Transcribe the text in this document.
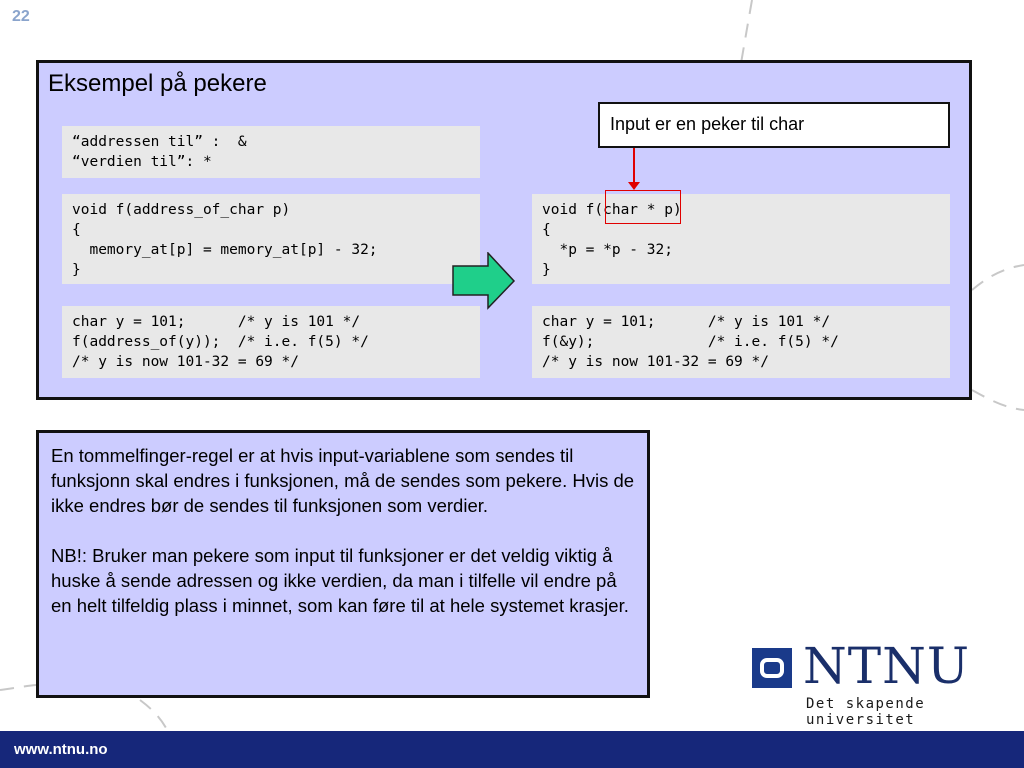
22
Eksempel på pekere
Input er en peker til char
“addressen til” :  &
“verdien til”: *
void f(address_of_char p)
{
memory_at[p] = memory_at[p] - 32;
}
void f(char * p)
{
*p = *p - 32;
}
char y = 101;      /* y is 101 */
f(address_of(y));  /* i.e. f(5) */
/* y is now 101-32 = 69 */
char y = 101;      /* y is 101 */
f(&y);             /* i.e. f(5) */
/* y is now 101-32 = 69 */

En tommelfinger-regel er at hvis input-variablene som sendes til funksjonn skal endres i funksjonen, må de sendes som pekere. Hvis de ikke endres bør de sendes til funksjonen som verdier.

NB!: Bruker man pekere som input til funksjoner er det veldig viktig å huske å sende adressen og ikke verdien, da man i tilfelle vil endre på en helt tilfeldig plass i minnet, som kan føre til at hele systemet krasjer.

NTNU
Det skapende universitet
www.ntnu.no
